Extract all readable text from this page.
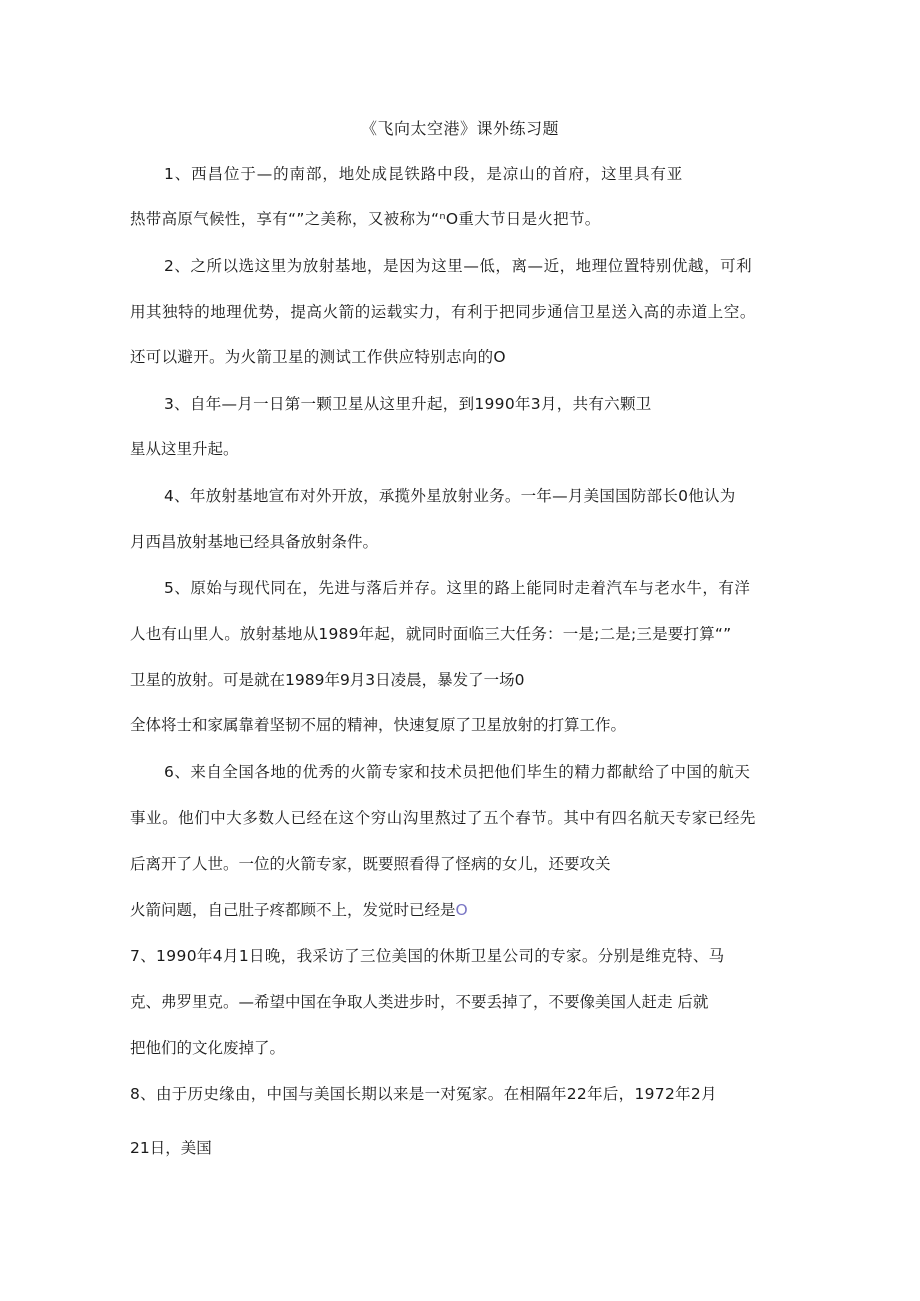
《飞向太空港》课外练习题
1、西昌位于—的南部，地处成昆铁路中段，是凉山的首府，这里具有亚
热带高原气候性，享有“”之美称，又被称为“ⁿO重大节日是火把节。
2、之所以选这里为放射基地，是因为这里—低，离—近，地理位置特别优越，可利
用其独特的地理优势，提高火箭的运载实力，有利于把同步通信卫星送入高的赤道上空。
还可以避开。为火箭卫星的测试工作供应特别志向的O
3、自年—月一日第一颗卫星从这里升起，到1990年3月，共有六颗卫
星从这里升起。
4、年放射基地宣布对外开放，承揽外星放射业务。一年—月美国国防部长0他认为
月西昌放射基地已经具备放射条件。
5、原始与现代同在，先进与落后并存。这里的路上能同时走着汽车与老水牛，有洋
人也有山里人。放射基地从1989年起，就同时面临三大任务：一是;二是;三是要打算“”
卫星的放射。可是就在1989年9月3日凌晨，暴发了一场0
全体将士和家属靠着坚韧不屈的精神，快速复原了卫星放射的打算工作。
6、来自全国各地的优秀的火箭专家和技术员把他们毕生的精力都献给了中国的航天
事业。他们中大多数人已经在这个穷山沟里熬过了五个春节。其中有四名航天专家已经先
后离开了人世。一位的火箭专家，既要照看得了怪病的女儿，还要攻关
火箭问题，自己肚子疼都顾不上，发觉时已经是O
7、1990年4月1日晚，我采访了三位美国的休斯卫星公司的专家。分别是维克特、马
克、弗罗里克。—希望中国在争取人类进步时，不要丢掉了，不要像美国人赶走 后就
把他们的文化废掉了。
8、由于历史缘由，中国与美国长期以来是一对冤家。在相隔年22年后，1972年2月
21日，美国
